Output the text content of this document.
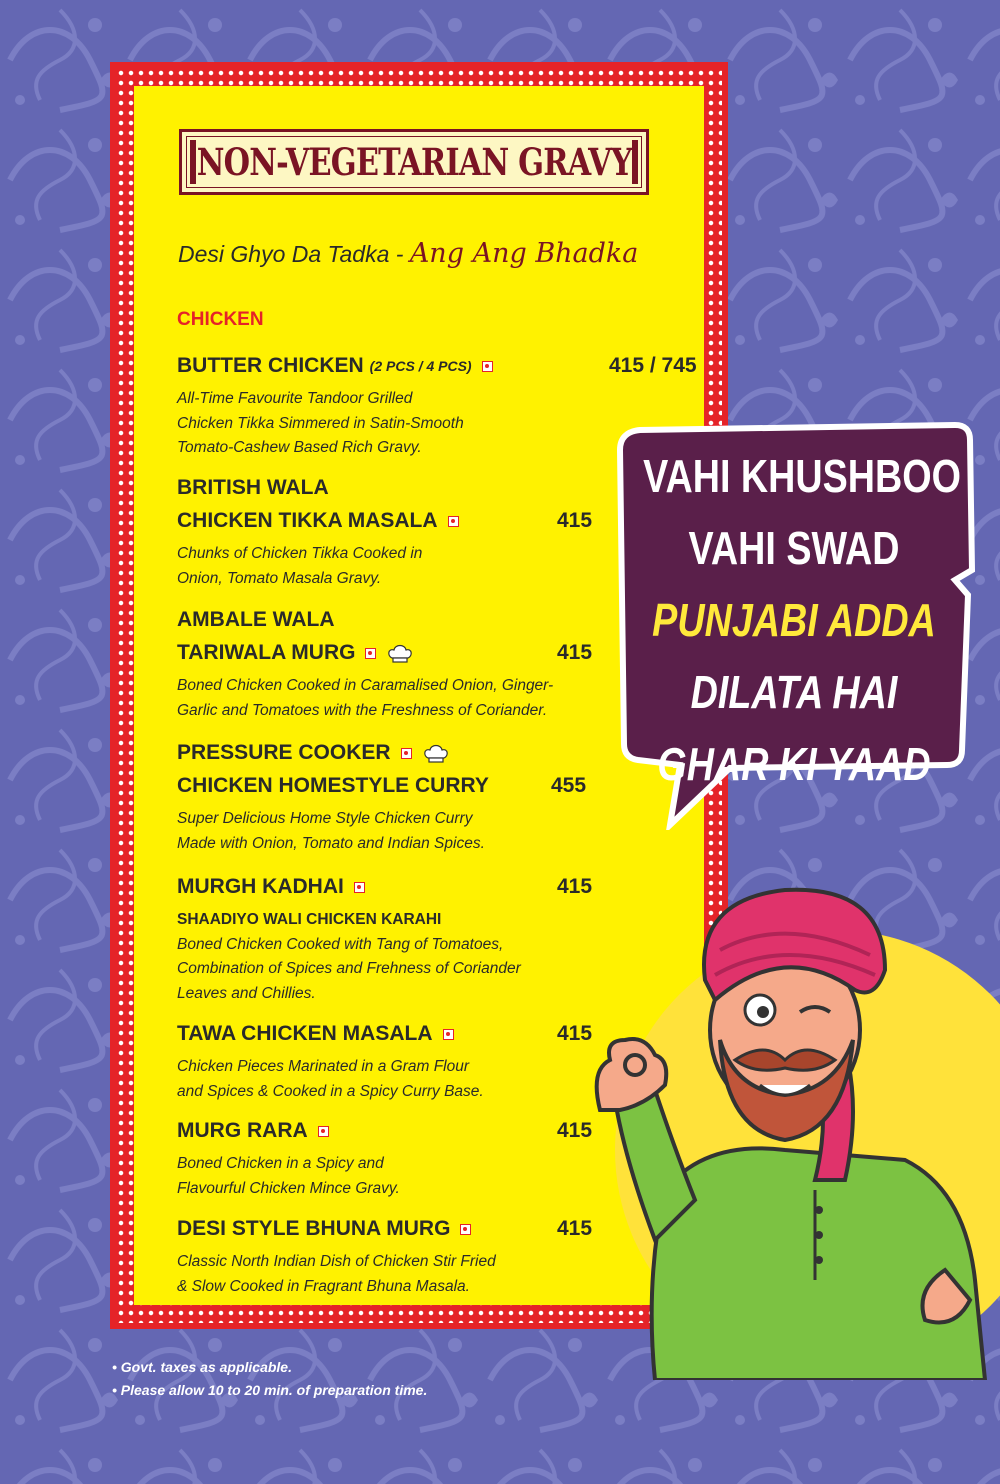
NON-VEGETARIAN GRAVY
Desi Ghyo Da Tadka - Ang Ang Bhadka
CHICKEN
BUTTER CHICKEN (2 PCS / 4 PCS)	415 / 745
All-Time Favourite Tandoor Grilled
Chicken Tikka Simmered in Satin-Smooth
Tomato-Cashew Based Rich Gravy.
BRITISH WALA
CHICKEN TIKKA MASALA	415
Chunks of Chicken Tikka Cooked in
Onion, Tomato Masala Gravy.
AMBALE WALA
TARIWALA MURG	415
Boned Chicken Cooked in Caramalised Onion, Ginger-
Garlic and Tomatoes with the Freshness of Coriander.
PRESSURE COOKER
CHICKEN HOMESTYLE CURRY	455
Super Delicious Home Style Chicken Curry
Made with Onion, Tomato and Indian Spices.
MURGH KADHAI	415
SHAADIYO WALI CHICKEN KARAHI
Boned Chicken Cooked with Tang of Tomatoes,
Combination of Spices and Frehness of Coriander
Leaves and Chillies.
TAWA CHICKEN MASALA	415
Chicken Pieces Marinated in a Gram Flour
and Spices & Cooked in a Spicy Curry Base.
MURG RARA	415
Boned Chicken in a Spicy and
Flavourful Chicken Mince Gravy.
DESI STYLE BHUNA MURG	415
Classic North Indian Dish of Chicken Stir Fried
& Slow Cooked in Fragrant Bhuna Masala.
VAHI KHUSHBOO
VAHI SWAD
PUNJABI ADDA
DILATA HAI
GHAR KI YAAD
• Govt. taxes as applicable.
• Please allow 10 to 20 min. of preparation time.
